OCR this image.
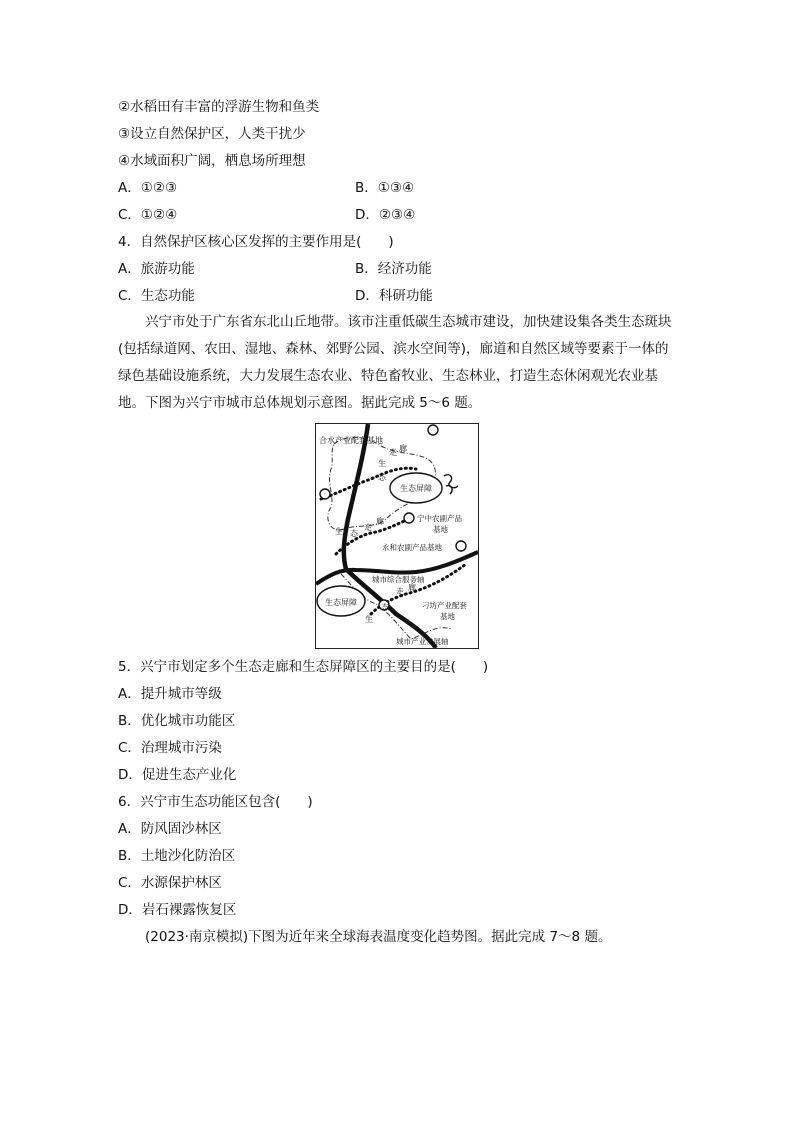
②水稻田有丰富的浮游生物和鱼类
③设立自然保护区，人类干扰少
④水域面积广阔，栖息场所理想
A．①②③	B．①③④
C．①②④	D．②③④
4．自然保护区核心区发挥的主要作用是(　　)
A．旅游功能	B．经济功能
C．生态功能	D．科研功能
兴宁市处于广东省东北山丘地带。该市注重低碳生态城市建设，加快建设集各类生态斑块(包括绿道网、农田、湿地、森林、郊野公园、滨水空间等)，廊道和自然区域等要素于一体的绿色基础设施系统，大力发展生态农业、特色畜牧业、生态林业，打造生态休闲观光农业基地。下图为兴宁市城市总体规划示意图。据此完成 5～6 题。
合水产业配套基地
生态屏障
生态屏障
宁中农副产品
基地
永和农副产品基地
城市综合服务轴
刁坊产业配套
基地
城市产业发展轴
生
态
走 廊
生 态
走
廊
走 廊
态
生
5．兴宁市划定多个生态走廊和生态屏障区的主要目的是(　　)
A．提升城市等级
B．优化城市功能区
C．治理城市污染
D．促进生态产业化
6．兴宁市生态功能区包含(　　)
A．防风固沙林区
B．土地沙化防治区
C．水源保护林区
D．岩石裸露恢复区
(2023·南京模拟)下图为近年来全球海表温度变化趋势图。据此完成 7～8 题。
